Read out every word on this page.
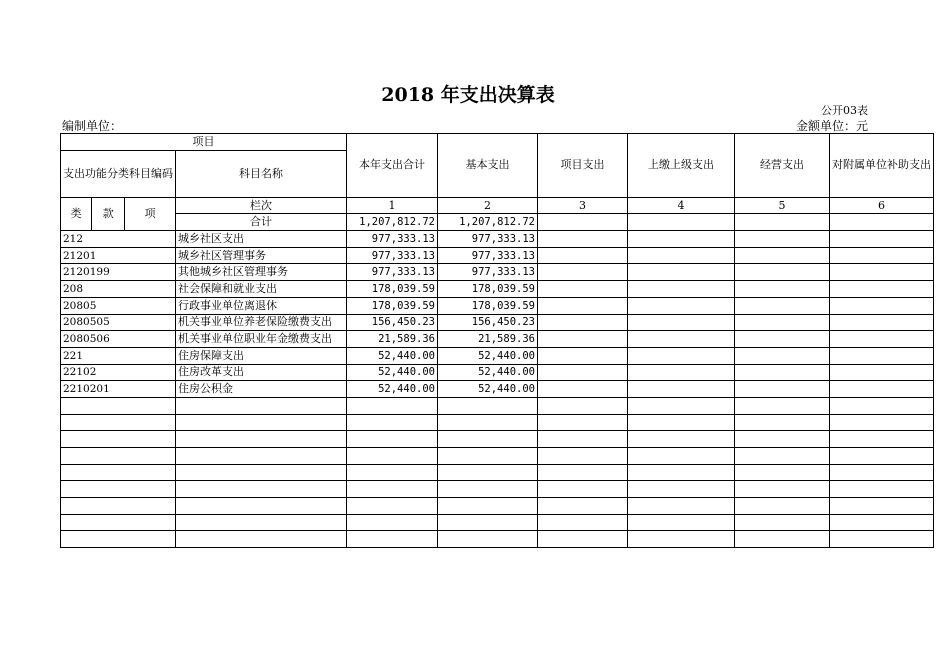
2018 年支出决算表
公开03表
编制单位：	金额单位：元
项目				本年支出合计	基本支出	项目支出	上缴上级支出	经营支出	对附属单位补助支出
支出功能分类科目编码			科目名称						

类	款	项	栏次	1	2	3	4	5	6
			合计	1,207,812.72	1,207,812.72				
212			城乡社区支出	977,333.13	977,333.13				
21201			城乡社区管理事务	977,333.13	977,333.13				
2120199			其他城乡社区管理事务	977,333.13	977,333.13				
208			社会保障和就业支出	178,039.59	178,039.59				
20805			行政事业单位离退休	178,039.59	178,039.59				
2080505			机关事业单位养老保险缴费支出	156,450.23	156,450.23				
2080506			机关事业单位职业年金缴费支出	21,589.36	21,589.36				
221			住房保障支出	52,440.00	52,440.00				
22102			住房改革支出	52,440.00	52,440.00				
2210201			住房公积金	52,440.00	52,440.00				
